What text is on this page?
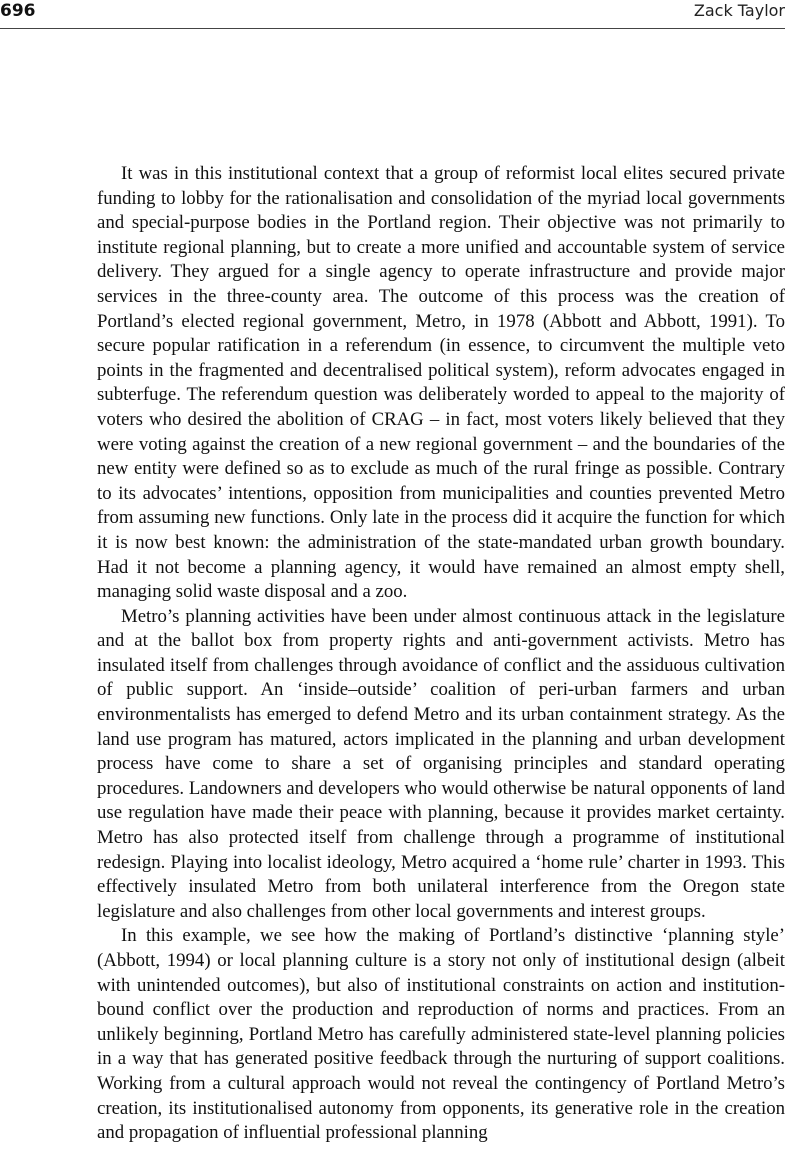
696	Zack Taylor

It was in this institutional context that a group of reformist local elites secured private funding to lobby for the rationalisation and consolidation of the myriad local governments and special-purpose bodies in the Portland region. Their objective was not primarily to institute regional planning, but to create a more unified and accountable system of service delivery. They argued for a single agency to operate infrastructure and provide major services in the three-county area. The outcome of this process was the creation of Portland’s elected regional government, Metro, in 1978 (Abbott and Abbott, 1991). To secure popular ratification in a referendum (in essence, to circumvent the multiple veto points in the fragmented and decentralised political system), reform advocates engaged in subterfuge. The referendum question was deliberately worded to appeal to the majority of voters who desired the abolition of CRAG – in fact, most voters likely believed that they were voting against the creation of a new regional government – and the boundaries of the new entity were defined so as to exclude as much of the rural fringe as possible. Contrary to its advocates’ intentions, opposition from municipalities and counties prevented Metro from assuming new functions. Only late in the process did it acquire the function for which it is now best known: the administration of the state-mandated urban growth boundary. Had it not become a planning agency, it would have remained an almost empty shell, managing solid waste disposal and a zoo.

Metro’s planning activities have been under almost continuous attack in the legislature and at the ballot box from property rights and anti-government activists. Metro has insulated itself from challenges through avoidance of conflict and the assiduous cultivation of public support. An ‘inside–outside’ coalition of peri-urban farmers and urban environmentalists has emerged to defend Metro and its urban containment strategy. As the land use program has matured, actors implicated in the planning and urban development process have come to share a set of organising principles and standard operating procedures. Landowners and developers who would otherwise be natural opponents of land use regulation have made their peace with planning, because it provides market certainty. Metro has also protected itself from challenge through a programme of institutional redesign. Playing into localist ideology, Metro acquired a ‘home rule’ charter in 1993. This effectively insulated Metro from both unilateral interference from the Oregon state legislature and also challenges from other local governments and interest groups.

In this example, we see how the making of Portland’s distinctive ‘planning style’ (Abbott, 1994) or local planning culture is a story not only of institutional design (albeit with unintended outcomes), but also of institutional constraints on action and institution-bound conflict over the production and reproduction of norms and practices. From an unlikely beginning, Portland Metro has carefully administered state-level planning policies in a way that has generated positive feedback through the nurturing of support coalitions. Working from a cultural approach would not reveal the contingency of Portland Metro’s creation, its institutionalised autonomy from opponents, its generative role in the creation and propagation of influential professional planning
